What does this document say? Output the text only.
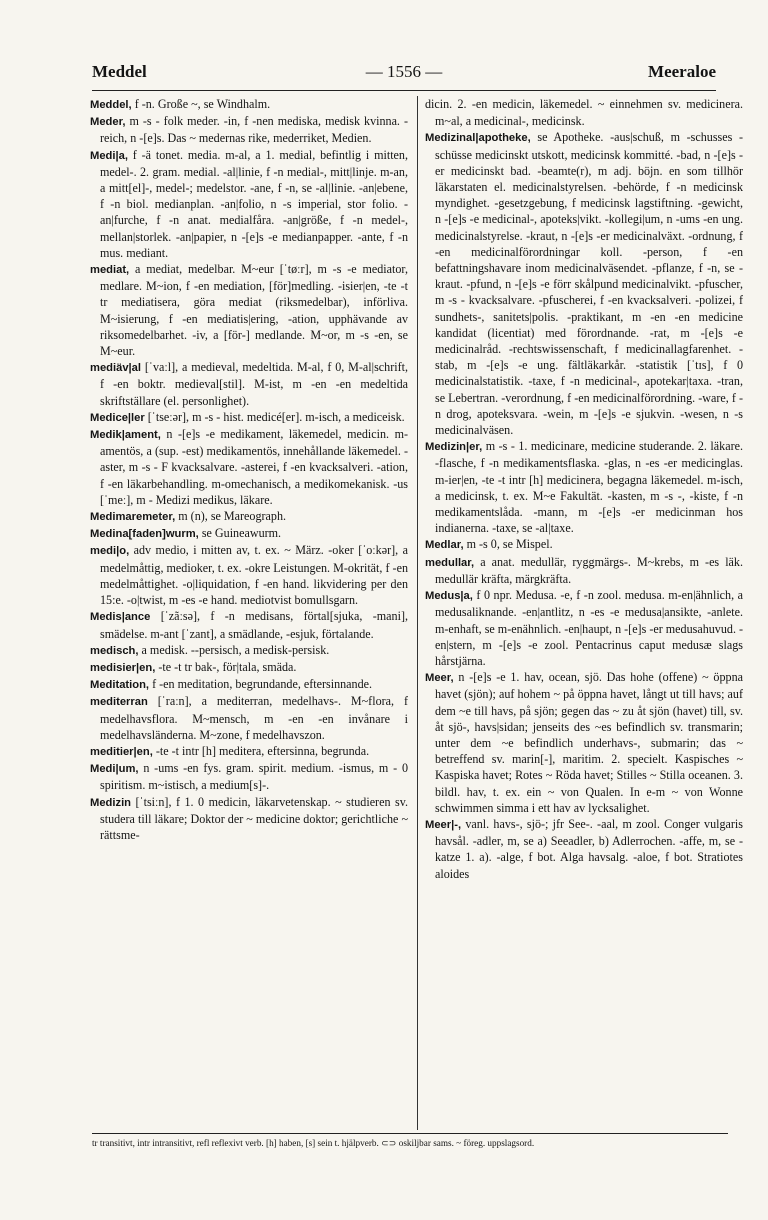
Meddel	— 1556 —	Meeraloe

Meddel, f -n. Große ~, se Windhalm.

Meder, m -s - folk meder. -in, f -nen mediska, medisk kvinna. -reich, n -[e]s. Das ~ medernas rike, mederriket, Medien.

Medi|a, f -ä tonet. media. m-al, a 1. medial, befintlig i mitten, medel-. 2. gram. medial. -al|linie, f -n medial-, mitt|linje. m-an, a mitt[el]-, medel-; medelstor. -ane, f -n, se -al|linie. -an|ebene, f -n biol. medianplan. -an|folio, n -s imperial, stor folio. -an|furche, f -n anat. medialfåra. -an|größe, f -n medel-, mellan|storlek. -an|papier, n -[e]s -e medianpapper. -ante, f -n mus. mediant.

mediat, a mediat, medelbar. M~eur [ˈtøːr], m -s -e mediator, medlare. M~ion, f -en mediation, [för]medling. -isier|en, -te -t tr mediatisera, göra mediat (riksmedelbar), införliva. M~isierung, f -en mediatis|ering, -ation, upphävande av riksomedelbarhet. -iv, a [för-] medlande. M~or, m -s -en, se M~eur.

mediäv|al [ˈvaːl], a medieval, medeltida. M-al, f 0, M-al|schrift, f -en boktr. medieval[stil]. M-ist, m -en -en medeltida skriftställare (el. personlighet).

Medice|ler [ˈtseːər], m -s - hist. medicé[er]. m-isch, a mediceisk.

Medik|ament, n -[e]s -e medikament, läkemedel, medicin. m-amentös, a (sup. -est) medikamentös, innehållande läkemedel. -aster, m -s - F kvacksalvare. -asterei, f -en kvacksalveri. -ation, f -en läkarbehandling. m-omechanisch, a medikomekanisk. -us [ˈmeː], m - Medizi medikus, läkare.

Medimaremeter, m (n), se Mareograph.

Medina[faden]wurm, se Guineawurm.

medi|o, adv medio, i mitten av, t. ex. ~ März. -oker [ˈoːkər], a medelmåttig, medioker, t. ex. -okre Leistungen. M-okrität, f -en medelmåttighet. -o|liquidation, f -en hand. likvidering per den 15:e. -o|twist, m -es -e hand. mediotvist bomullsgarn.

Medis|ance [ˈzãːsə], f -n medisans, förtal[sjuka, -mani], smädelse. m-ant [ˈzant], a smädlande, -esjuk, förtalande.

medisch, a medisk. --persisch, a medisk-persisk.

medisier|en, -te -t tr bak-, för|tala, smäda.

Meditation, f -en meditation, begrundande, eftersinnande.

mediterran [ˈraːn], a mediterran, medelhavs-. M~flora, f medelhavsflora. M~mensch, m -en -en invånare i medelhavsländerna. M~zone, f medelhavszon.

meditier|en, -te -t intr [h] meditera, eftersinna, begrunda.

Medi|um, n -ums -en fys. gram. spirit. medium. -ismus, m - 0 spiritism. m~istisch, a medium[s]-.

Medizin [ˈtsiːn], f 1. 0 medicin, läkarvetenskap. ~ studieren sv. studera till läkare; Doktor der ~ medicine doktor; gerichtliche ~ rättsme-

dicin. 2. -en medicin, läkemedel. ~ einnehmen sv. medicinera. m~al, a medicinal-, medicinsk.

Medizinal|apotheke, se Apotheke. -aus|schuß, m -schusses -schüsse medicinskt utskott, medicinsk kommitté. -bad, n -[e]s -er medicinskt bad. -beamte(r), m adj. böjn. en som tillhör läkarstaten el. medicinalstyrelsen. -behörde, f -n medicinsk myndighet. -gesetzgebung, f medicinsk lagstiftning. -gewicht, n -[e]s -e medicinal-, apoteks|vikt. -kollegi|um, n -ums -en ung. medicinalstyrelse. -kraut, n -[e]s -er medicinalväxt. -ordnung, f -en medicinalförordningar koll. -person, f -en befattningshavare inom medicinalväsendet. -pflanze, f -n, se -kraut. -pfund, n -[e]s -e förr skålpund medicinalvikt. -pfuscher, m -s - kvacksalvare. -pfuscherei, f -en kvacksalveri. -polizei, f sundhets-, sanitets|polis. -praktikant, m -en -en medicine kandidat (licentiat) med förordnande. -rat, m -[e]s -e medicinalråd. -rechtswissenschaft, f medicinallagfarenhet. -stab, m -[e]s -e ung. fältläkarkår. -statistik [ˈtɪs], f 0 medicinalstatistik. -taxe, f -n medicinal-, apotekar|taxa. -tran, se Lebertran. -verordnung, f -en medicinalförordning. -ware, f -n drog, apoteksvara. -wein, m -[e]s -e sjukvin. -wesen, n -s medicinalväsen.

Medizin|er, m -s - 1. medicinare, medicine studerande. 2. läkare. -flasche, f -n medikamentsflaska. -glas, n -es -er medicinglas. m-ier|en, -te -t intr [h] medicinera, begagna läkemedel. m-isch, a medicinsk, t. ex. M~e Fakultät. -kasten, m -s -, -kiste, f -n medikamentslåda. -mann, m -[e]s -er medicinman hos indianerna. -taxe, se -al|taxe.

Medlar, m -s 0, se Mispel.

medullar, a anat. medullär, ryggmärgs-. M~krebs, m -es läk. medullär kräfta, märgkräfta.

Medus|a, f 0 npr. Medusa. -e, f -n zool. medusa. m-en|ähnlich, a medusaliknande. -en|antlitz, n -es -e medusa|ansikte, -anlete. m-enhaft, se m-enähnlich. -en|haupt, n -[e]s -er medusahuvud. -en|stern, m -[e]s -e zool. Pentacrinus caput medusæ slags hårstjärna.

Meer, n -[e]s -e 1. hav, ocean, sjö. Das hohe (offene) ~ öppna havet (sjön); auf hohem ~ på öppna havet, långt ut till havs; auf dem ~e till havs, på sjön; gegen das ~ zu åt sjön (havet) till, sv. åt sjö-, havs|sidan; jenseits des ~es befindlich sv. transmarin; unter dem ~e befindlich underhavs-, submarin; das ~ betreffend sv. marin[-], maritim. 2. specielt. Kaspisches ~ Kaspiska havet; Rotes ~ Röda havet; Stilles ~ Stilla oceanen. 3. bildl. hav, t. ex. ein ~ von Qualen. In e-m ~ von Wonne schwimmen simma i ett hav av lycksalighet.

Meer|-, vanl. havs-, sjö-; jfr See-. -aal, m zool. Conger vulgaris havsål. -adler, m, se a) Seeadler, b) Adlerrochen. -affe, m, se -katze 1. a). -alge, f bot. Alga havsalg. -aloe, f bot. Stratiotes aloides

tr transitivt, intr intransitivt, refl reflexivt verb. [h] haben, [s] sein t. hjälpverb. ⊂⊃ oskiljbar sams. ~ föreg. uppslagsord.
